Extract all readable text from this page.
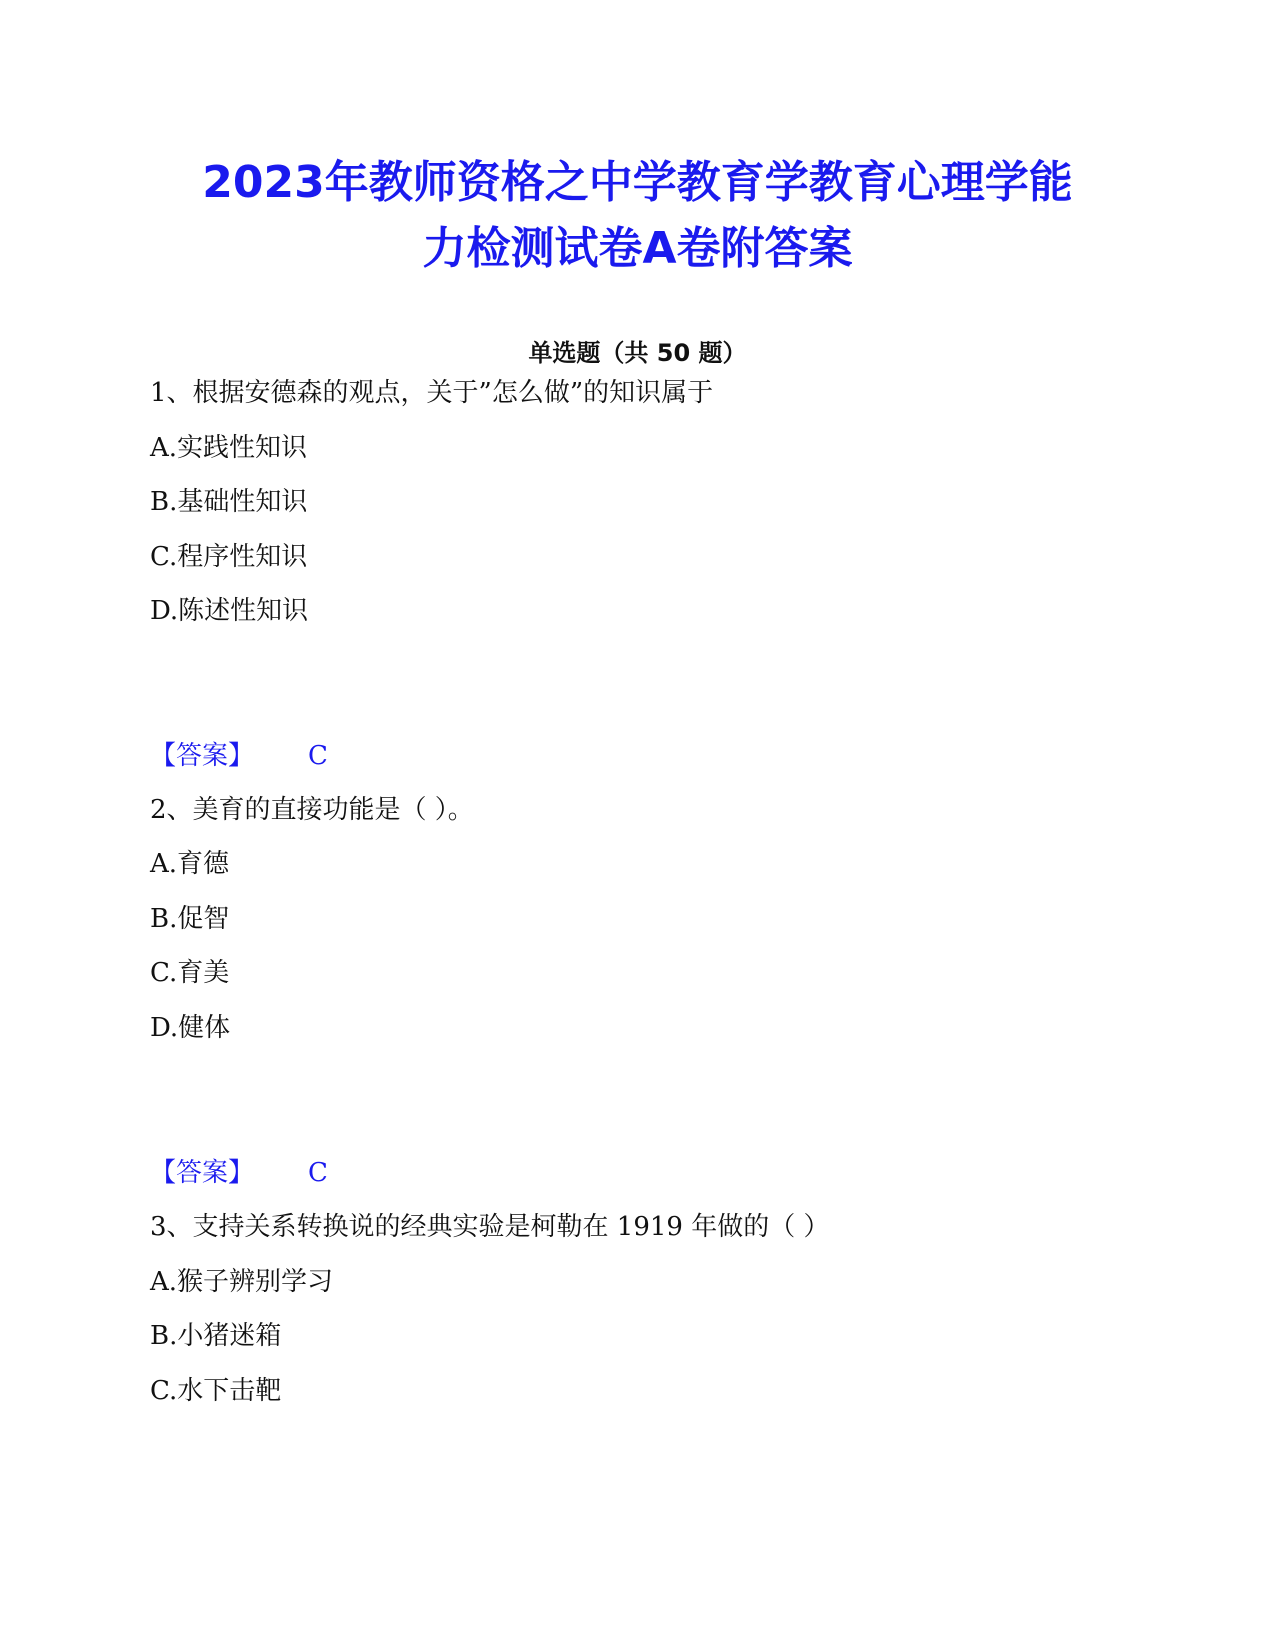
2023年教师资格之中学教育学教育心理学能
力检测试卷A卷附答案
单选题（共 50 题）
1、根据安德森的观点，关于”怎么做”的知识属于
A.实践性知识
B.基础性知识
C.程序性知识
D.陈述性知识
【答案】 C
2、美育的直接功能是（ ）。
A.育德
B.促智
C.育美
D.健体
【答案】 C
3、支持关系转换说的经典实验是柯勒在 1919 年做的（ ）
A.猴子辨别学习
B.小猪迷箱
C.水下击靶
